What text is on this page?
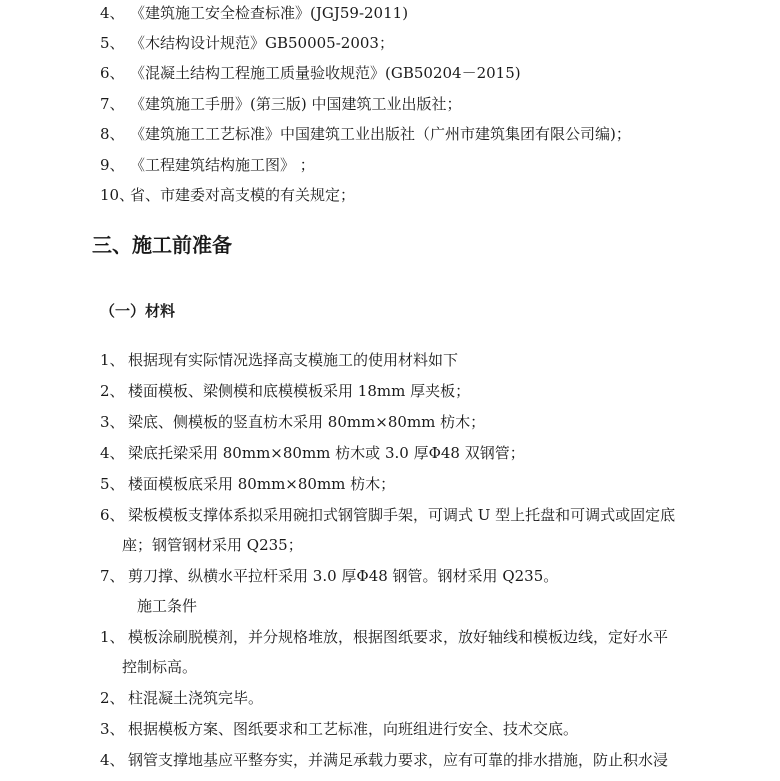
4、 《建筑施工安全检查标准》(JGJ59-2011)
5、 《木结构设计规范》GB50005-2003；
6、 《混凝土结构工程施工质量验收规范》(GB50204－2015)
7、 《建筑施工手册》(第三版) 中国建筑工业出版社；
8、 《建筑施工工艺标准》中国建筑工业出版社（广州市建筑集团有限公司编)；
9、 《工程建筑结构施工图》 ；
10、省、市建委对高支模的有关规定；
三、施工前准备
（一）材料
1、 根据现有实际情况选择高支模施工的使用材料如下
2、 楼面模板、梁侧模和底模模板采用 18mm 厚夹板；
3、 梁底、侧模板的竖直枋木采用 80mm×80mm 枋木；
4、 梁底托梁采用 80mm×80mm 枋木或 3.0 厚Φ48 双钢管；
5、 楼面模板底采用 80mm×80mm 枋木；
6、 梁板模板支撑体系拟采用碗扣式钢管脚手架，可调式 U 型上托盘和可调式或固定底
座；钢管钢材采用 Q235；
7、 剪刀撑、纵横水平拉杆采用 3.0 厚Φ48 钢管。钢材采用 Q235。
施工条件
1、 模板涂刷脱模剂，并分规格堆放，根据图纸要求，放好轴线和模板边线，定好水平
控制标高。
2、 柱混凝土浇筑完毕。
3、 根据模板方案、图纸要求和工艺标准，向班组进行安全、技术交底。
4、 钢管支撑地基应平整夯实，并满足承载力要求，应有可靠的排水措施，防止积水浸
